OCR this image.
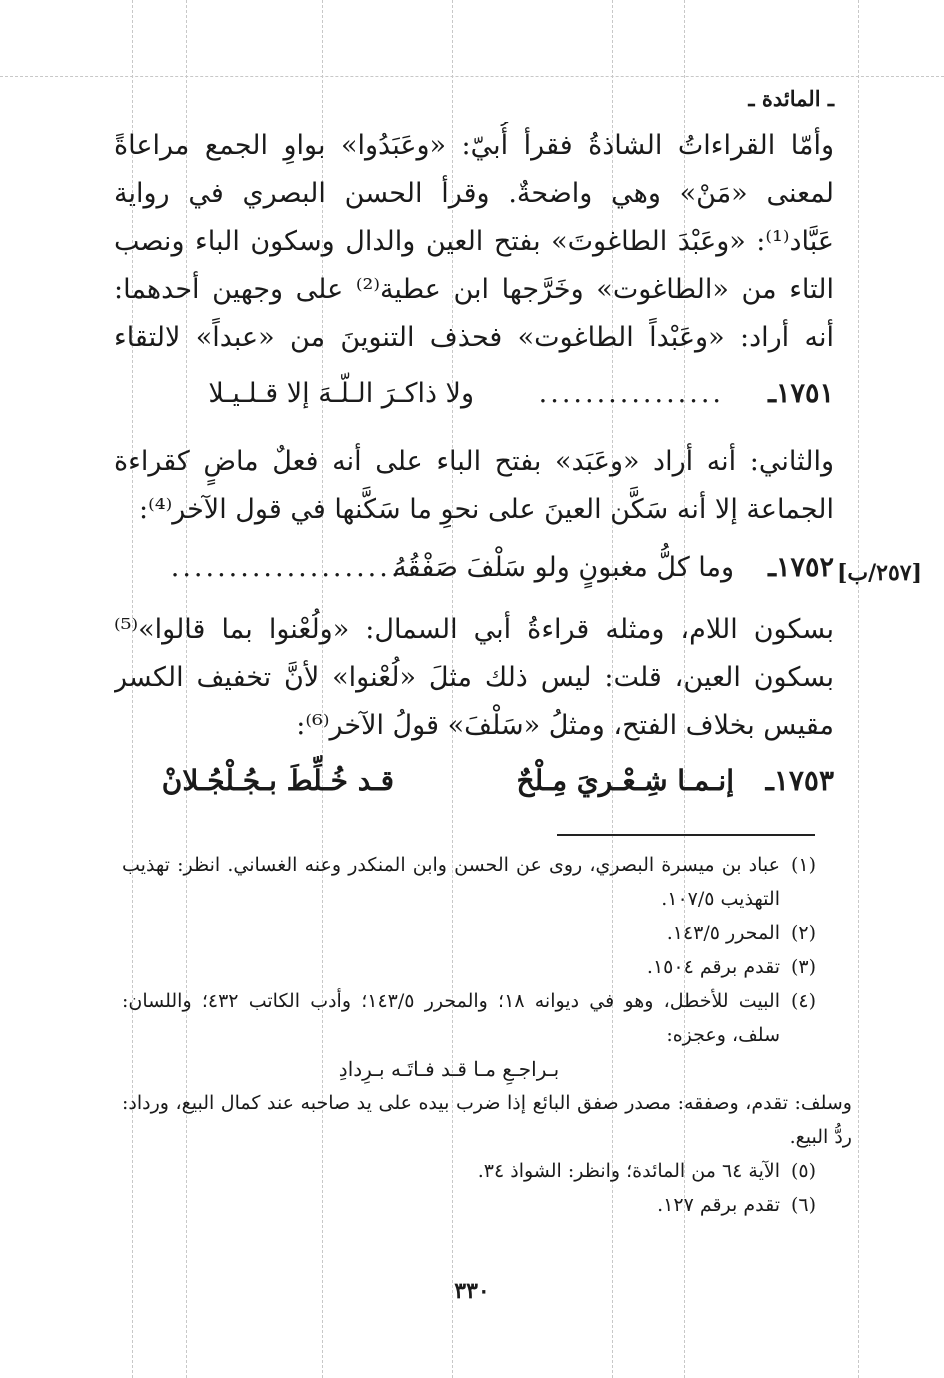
ـ المائدة ـ
وأمّا القراءاتُ الشاذةُ فقرأ أُبيّ: «وعَبَدُوا» بواوِ الجمع مراعاةً لمعنى «مَنْ» وهي واضحةٌ. وقرأ الحسن البصري في رواية عَبَّاد⁽¹⁾: «وعَبْدَ الطاغوتَ» بفتح العين والدال وسكون الباء ونصب التاء من «الطاغوت» وخَرَّجها ابن عطية⁽²⁾ على وجهين أحدهما: أنه أراد: «وعَبْداً الطاغوت» فحذف التنوينَ من «عبداً» لالتقاء
١٧٥١ـ
ولا ذاكـرَ الـلّـهَ إلا قـلـيـلا ................
والثاني: أنه أراد «وعَبَد» بفتح الباء على أنه فعلٌ ماضٍ كقراءة الجماعة إلا أنه سَكَّن العينَ على نحوِ ما سَكَّنها في قول الآخر⁽⁴⁾:
[٢٥٧/ب]
١٧٥٢ـ
وما كلُّ مغبونٍ ولو سَلْفَ صَفْقُهُ
.....................
بسكون اللام، ومثله قراءةُ أبي السمال: «ولُعْنوا بما قالوا»⁽⁵⁾ بسكون العين، قلت: ليس ذلك مثلَ «لُعْنوا» لأنَّ تخفيف الكسر مقيس بخلاف الفتح، ومثلُ «سَلْفَ» قولُ الآخر⁽⁶⁾:
١٧٥٣ـ
إنـمـا شِـعْـريَ مِـلْحٌ
قـد خُـلِّطَ بـجُـلْجُـلانْ
(١)
عباد بن ميسرة البصري، روى عن الحسن وابن المنكدر وعنه الغساني. انظر: تهذيب التهذيب ١٠٧/٥.
(٢)
المحرر ١٤٣/٥.
(٣)
تقدم برقم ١٥٠٤.
(٤)
البيت للأخطل، وهو في ديوانه ١٨؛ والمحرر ١٤٣/٥؛ وأدب الكاتب ٤٣٢؛ واللسان: سلف، وعجزه:
بـراجـعِ مـا قـد فـاتَـه بـرِدادِ
وسلف: تقدم، وصفقه: مصدر صفق البائع إذا ضرب بيده على يد صاحبه عند كمال البيع، ورداد: ردُّ البيع.
(٥)
الآية ٦٤ من المائدة؛ وانظر: الشواذ ٣٤.
(٦)
تقدم برقم ١٢٧.
٣٣٠
